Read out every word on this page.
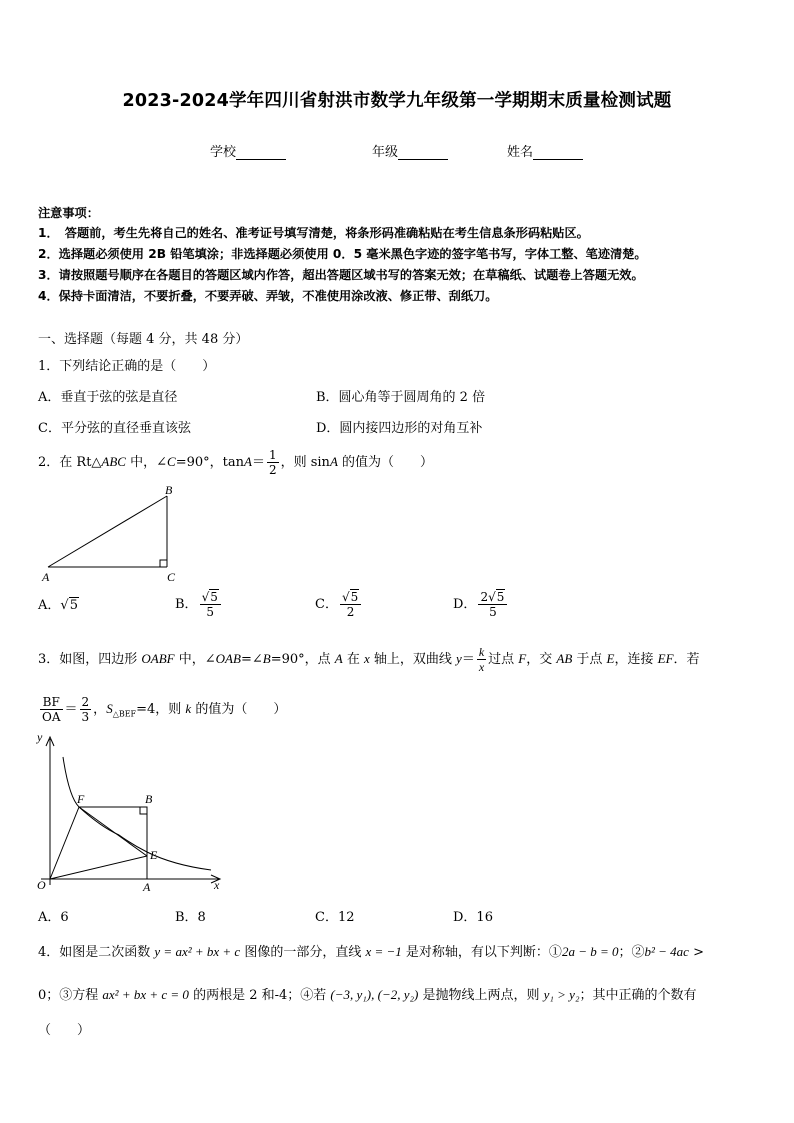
2023-2024学年四川省射洪市数学九年级第一学期期末质量检测试题
学校	年级	姓名
注意事项：
1．　答题前，考生先将自己的姓名、准考证号填写清楚，将条形码准确粘贴在考生信息条形码粘贴区。
2．选择题必须使用 2B 铅笔填涂；非选择题必须使用 0．5 毫米黑色字迹的签字笔书写，字体工整、笔迹清楚。
3．请按照题号顺序在各题目的答题区域内作答，超出答题区域书写的答案无效；在草稿纸、试题卷上答题无效。
4．保持卡面清洁，不要折叠，不要弄破、弄皱，不准使用涂改液、修正带、刮纸刀。
一、选择题（每题 4 分，共 48 分）
1．下列结论正确的是（　　）
A．垂直于弦的弦是直径	B．圆心角等于圆周角的 2 倍
C．平分弦的直径垂直该弦	D．圆内接四边形的对角互补
2．在 Rt△ABC 中，∠C=90°，$\tan A= \frac{1}{2}$ ，则 sinA 的值为（　　）
A	C
B
A．√5	B． $\frac{√5}{5}$	C． $\frac{√5}{2}$	D． $\frac{2√5}{5}$
3．如图，四边形 OABF 中，∠OAB=∠B=90°，点 A 在 x 轴上，双曲线 $y= \frac{k}{x}$ 过点 F，交 AB 于点 E，连接 EF．若
$\frac{BF}{OA} = \frac{2}{3}$ ，$S_{\triangle BEF}=4$，则 k 的值为（　　）
y
x
O	A
B
F
E
A．6	B．8	C．12	D．16
4．如图是二次函数 y = ax² + bx + c 图像的一部分，直线 x = −1 是对称轴，有以下判断：①2a − b = 0；②b² − 4ac >
0；③方程 ax² + bx + c = 0 的两根是 2 和-4；④若 (−3, y₁), (−2, y₂) 是抛物线上两点，则 y₁ > y₂；其中正确的个数有
（　　）
